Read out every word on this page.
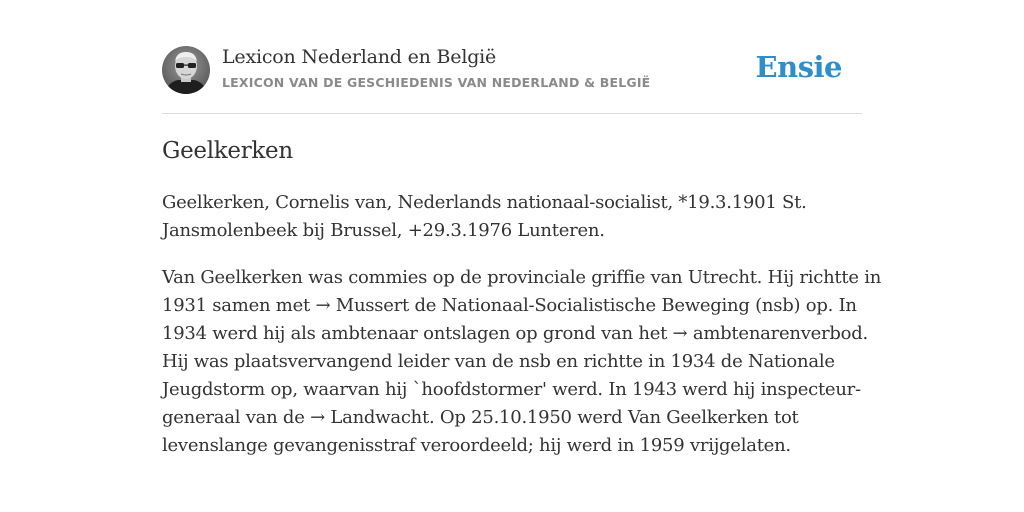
Lexicon Nederland en België
LEXICON VAN DE GESCHIEDENIS VAN NEDERLAND & BELGIË	Ensie
Geelkerken
Geelkerken, Cornelis van, Nederlands nationaal-socialist, *19.3.1901 St.
Jansmolenbeek bij Brussel, +29.3.1976 Lunteren.
Van Geelkerken was commies op de provinciale griffie van Utrecht. Hij richtte in
1931 samen met → Mussert de Nationaal-Socialistische Beweging (nsb) op. In
1934 werd hij als ambtenaar ontslagen op grond van het → ambtenarenverbod.
Hij was plaatsvervangend leider van de nsb en richtte in 1934 de Nationale
Jeugdstorm op, waarvan hij `hoofdstormer' werd. In 1943 werd hij inspecteur-
generaal van de → Landwacht. Op 25.10.1950 werd Van Geelkerken tot
levenslange gevangenisstraf veroordeeld; hij werd in 1959 vrijgelaten.
